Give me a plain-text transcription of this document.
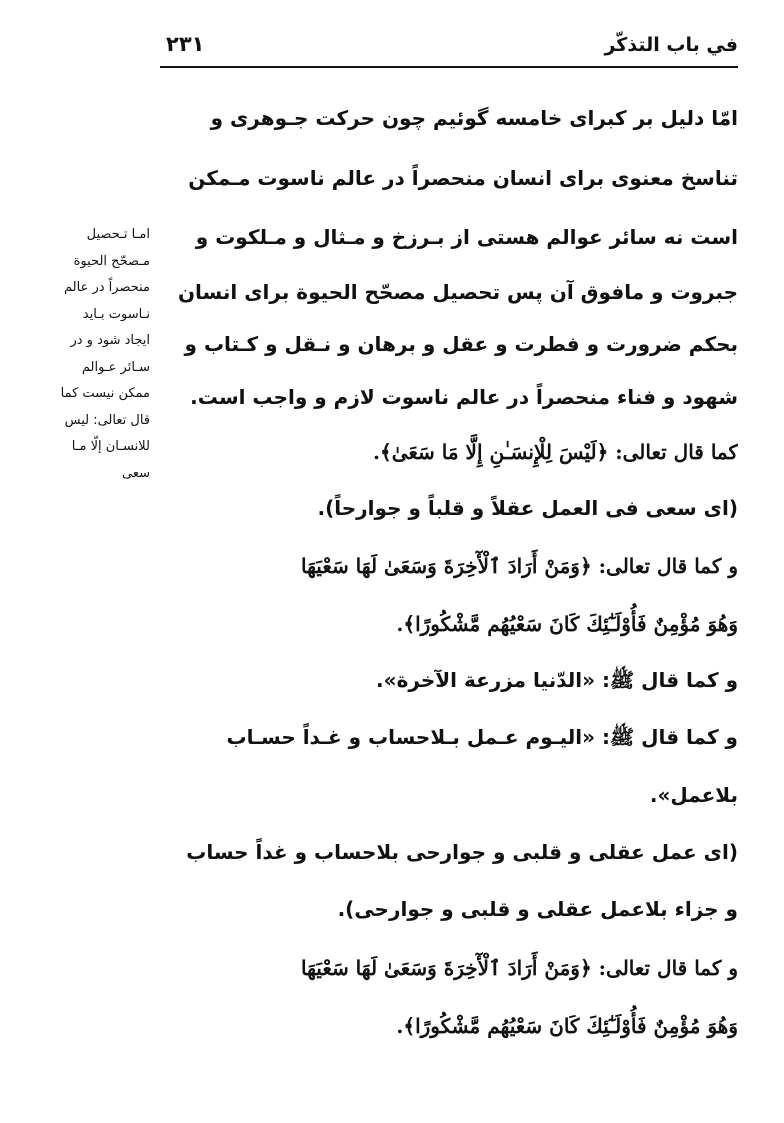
في باب التذكّر
٢٣١
امّا دليل بر كبراى خامسه گوئيم چون حركت جـوهرى و
تناسخ معنوى براى انسان منحصراً در عالم ناسوت مـمكن
است نه سائر عوالم هستى از بـرزخ و مـثال و مـلكوت و
جبروت و مافوق آن پس تحصيل مصحّح الحيوة براى انسان
بحكم ضرورت و فطرت و عقل و برهان و نـقل و كـتاب و
شهود و فناء منحصراً در عالم ناسوت لازم و واجب است.
كما قال تعالى: ﴿لَيْسَ لِلْإِنسَـٰنِ إِلَّا مَا سَعَىٰ﴾.
(اى سعى فى العمل عقلاً و قلباً و جوارحاً).
و كما قال تعالى: ﴿وَمَنْ أَرَادَ ٱلْأٓخِرَةَ وَسَعَىٰ لَهَا سَعْيَهَا
وَهُوَ مُؤْمِنٌ فَأُوْلَـٰٓئِكَ كَانَ سَعْيُهُم مَّشْكُورًا﴾.
و كما قال ﷺ: «الدّنيا مزرعة الآخرة».
و كما قال ﷺ: «اليـوم عـمل بـلاحساب و غـداً حسـاب
بلاعمل».
(اى عمل عقلى و قلبى و جوارحى بلاحساب و غداً حساب
و جزاء بلاعمل عقلى و قلبى و جوارحى).
و كما قال تعالى: ﴿وَمَنْ أَرَادَ ٱلْأٓخِرَةَ وَسَعَىٰ لَهَا سَعْيَهَا
وَهُوَ مُؤْمِنٌ فَأُوْلَـٰٓئِكَ كَانَ سَعْيُهُم مَّشْكُورًا﴾.
امـا تـحصيل
مـصحّح الحيوة
منحصراً در عالم
نـاسوت بـايد
ايجاد شود و در
سـائر عـوالم
ممكن نيست كما
قال تعالى: ليس
للانسـان إلّا مـا
سعى
